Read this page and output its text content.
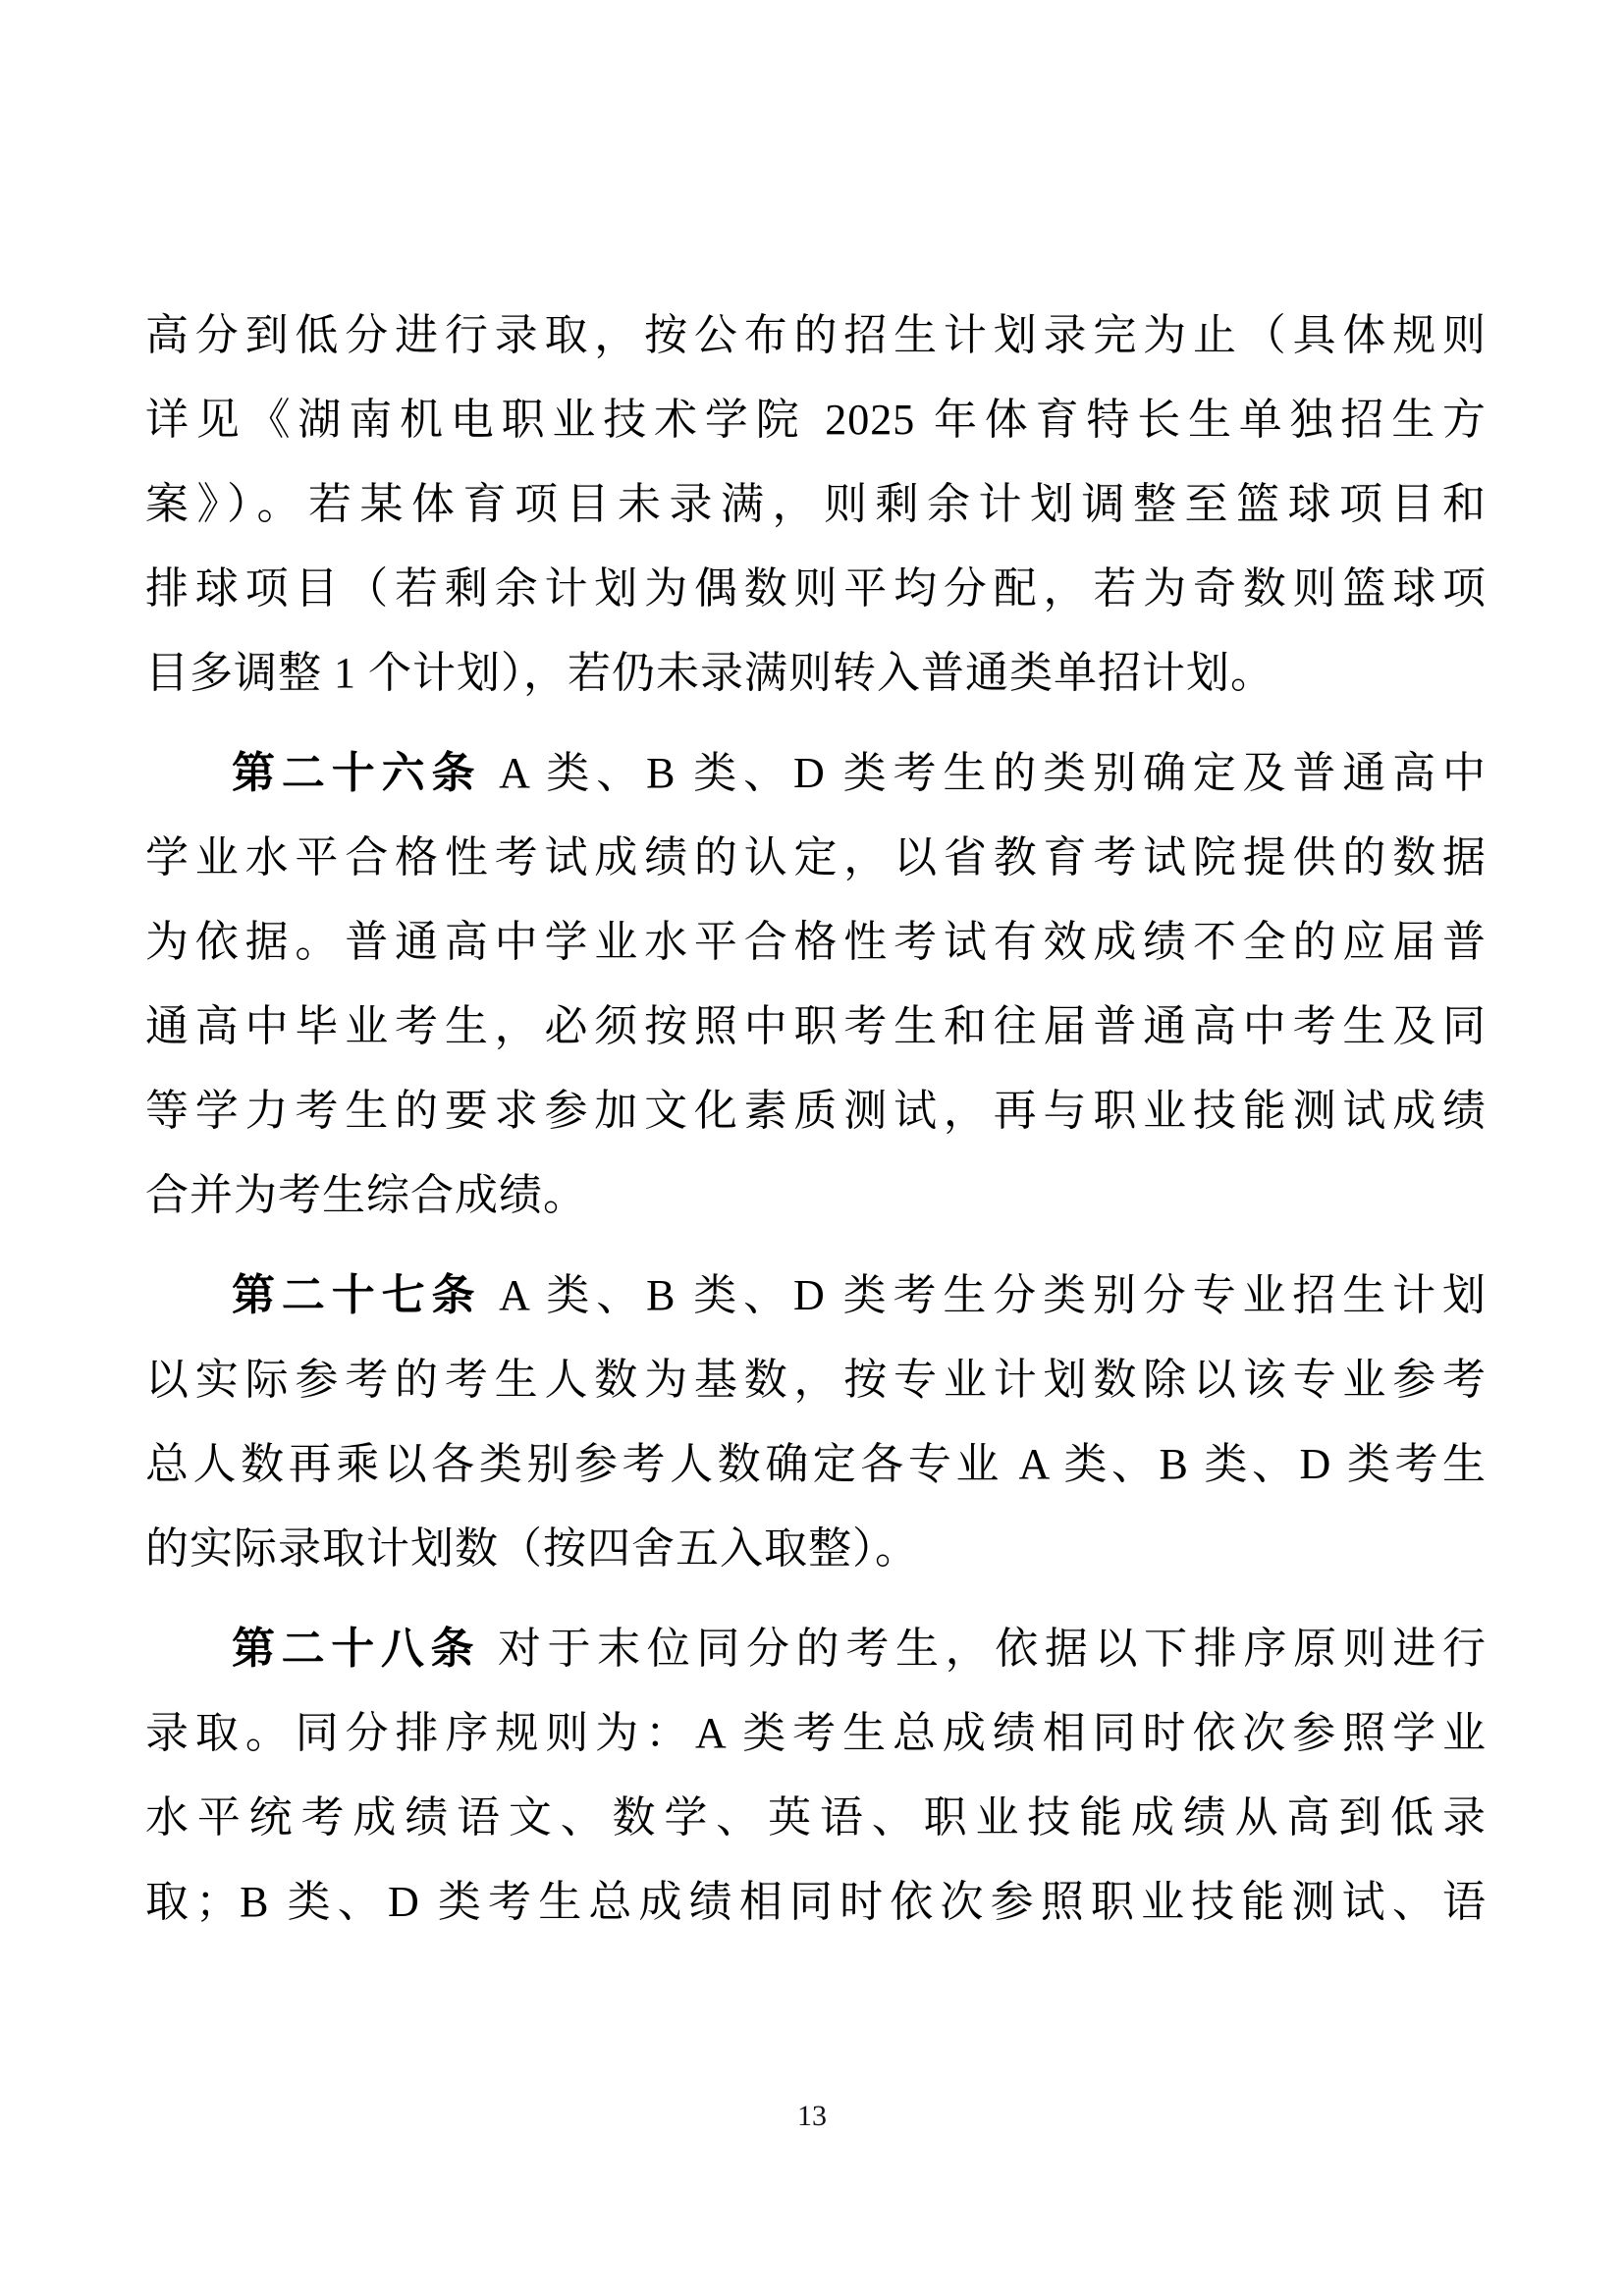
高分到低分进行录取，按公布的招生计划录完为止（具体规则
详见《湖南机电职业技术学院 2025 年体育特长生单独招生方
案》）。若某体育项目未录满，则剩余计划调整至篮球项目和
排球项目（若剩余计划为偶数则平均分配，若为奇数则篮球项
目多调整 1 个计划），若仍未录满则转入普通类单招计划。
第二十六条 A 类、B 类、D 类考生的类别确定及普通高中
学业水平合格性考试成绩的认定，以省教育考试院提供的数据
为依据。普通高中学业水平合格性考试有效成绩不全的应届普
通高中毕业考生，必须按照中职考生和往届普通高中考生及同
等学力考生的要求参加文化素质测试，再与职业技能测试成绩
合并为考生综合成绩。
第二十七条 A 类、B 类、D 类考生分类别分专业招生计划
以实际参考的考生人数为基数，按专业计划数除以该专业参考
总人数再乘以各类别参考人数确定各专业 A 类、B 类、D 类考生
的实际录取计划数（按四舍五入取整）。
第二十八条 对于末位同分的考生，依据以下排序原则进行
录取。同分排序规则为：A 类考生总成绩相同时依次参照学业
水平统考成绩语文、数学、英语、职业技能成绩从高到低录
取；B 类、D 类考生总成绩相同时依次参照职业技能测试、语
13
